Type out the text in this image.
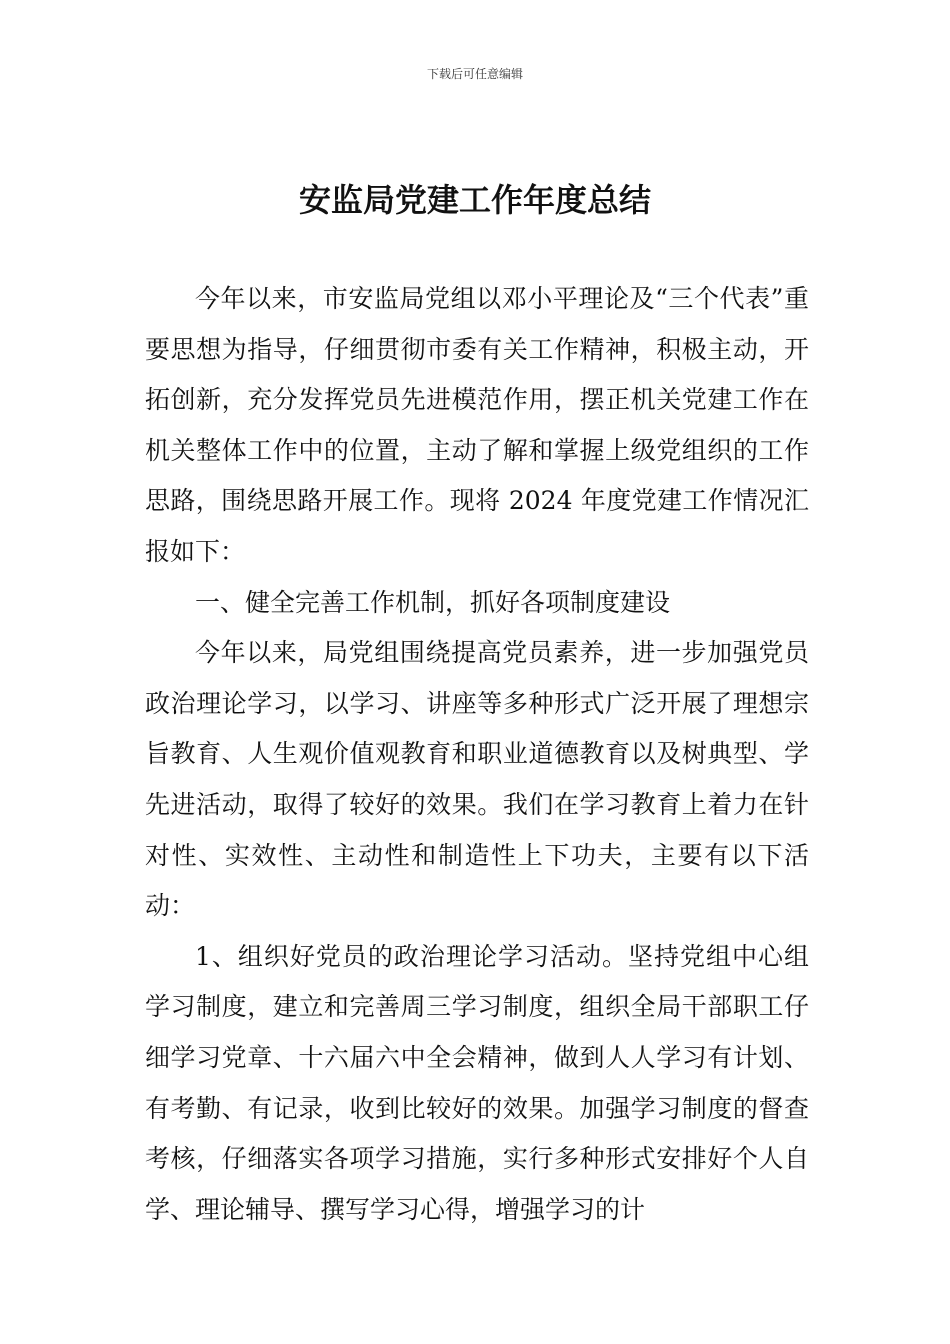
下载后可任意编辑
安监局党建工作年度总结

今年以来，市安监局党组以邓小平理论及“三个代表”重要思想为指导，仔细贯彻市委有关工作精神，积极主动，开拓创新，充分发挥党员先进模范作用，摆正机关党建工作在机关整体工作中的位置，主动了解和掌握上级党组织的工作思路，围绕思路开展工作。现将 2024 年度党建工作情况汇报如下：

一、健全完善工作机制，抓好各项制度建设

今年以来，局党组围绕提高党员素养，进一步加强党员政治理论学习，以学习、讲座等多种形式广泛开展了理想宗旨教育、人生观价值观教育和职业道德教育以及树典型、学先进活动，取得了较好的效果。我们在学习教育上着力在针对性、实效性、主动性和制造性上下功夫，主要有以下活动：

1、组织好党员的政治理论学习活动。坚持党组中心组学习制度，建立和完善周三学习制度，组织全局干部职工仔细学习党章、十六届六中全会精神，做到人人学习有计划、有考勤、有记录，收到比较好的效果。加强学习制度的督查考核，仔细落实各项学习措施，实行多种形式安排好个人自学、理论辅导、撰写学习心得，增强学习的计
